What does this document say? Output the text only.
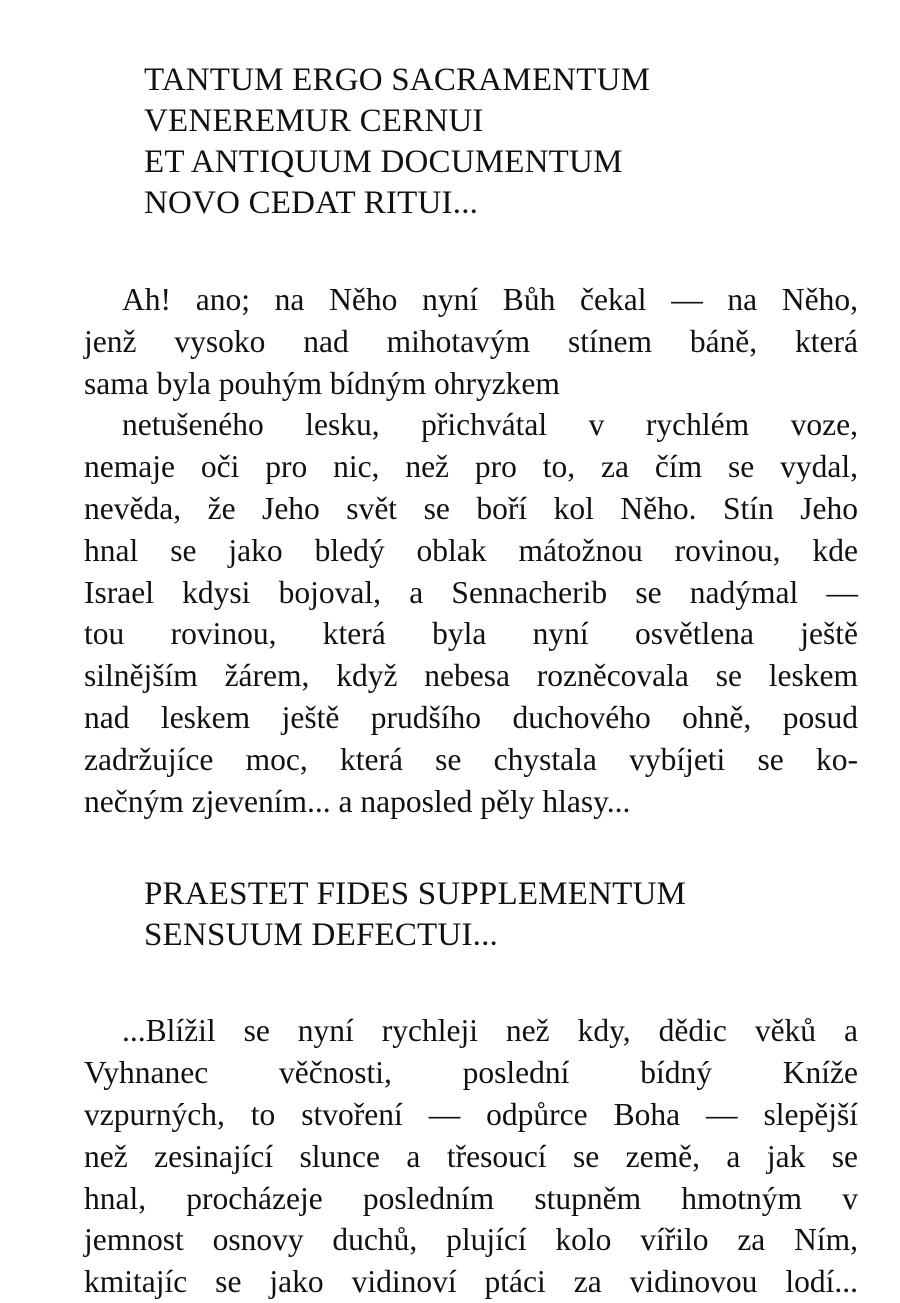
TANTUM ERGO SACRAMENTUM
VENEREMUR CERNUI
ET ANTIQUUM DOCUMENTUM
NOVO CEDAT RITUI...
Ah! ano; na Něho nyní Bůh čekal — na Něho,
jenž vysoko nad mihotavým stínem báně, která
sama byla pouhým bídným ohryzkem
netušeného lesku, přichvátal v rychlém voze,
nemaje oči pro nic, než pro to, za čím se vydal,
nevěda, že Jeho svět se boří kol Něho. Stín Jeho
hnal se jako bledý oblak mátožnou rovinou, kde
Israel kdysi bojoval, a Sennacherib se nadýmal —
tou rovinou, která byla nyní osvětlena ještě
silnějším žárem, když nebesa rozněcovala se leskem
nad leskem ještě prudšího duchového ohně, posud
zadržujíce moc, která se chystala vybíjeti se ko-
nečným zjevením... a naposled pěly hlasy...
PRAESTET FIDES SUPPLEMENTUM
SENSUUM DEFECTUI...
...Blížil se nyní rychleji než kdy, dědic věků a
Vyhnanec věčnosti, poslední bídný Kníže
vzpurných, to stvoření — odpůrce Boha — slepější
než zesinající slunce a třesoucí se země, a jak se
hnal, procházeje posledním stupněm hmotným v
jemnost osnovy duchů, plující kolo vířilo za Ním,
kmitajíc se jako vidinoví ptáci za vidinovou lodí...
